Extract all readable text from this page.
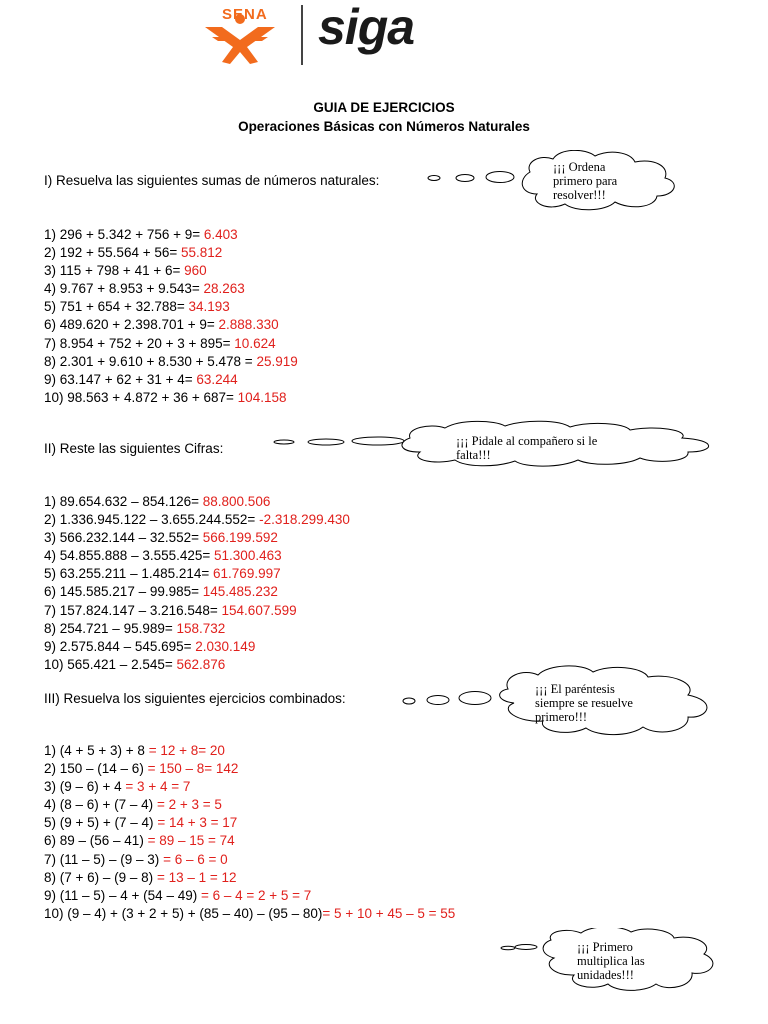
SENA siga
GUIA DE EJERCICIOS
Operaciones Básicas con Números Naturales
I) Resuelva las siguientes sumas de números naturales:
¡¡¡ Ordena
primero para
resolver!!!
1) 296 + 5.342 + 756 + 9= 6.403
2) 192 + 55.564 + 56= 55.812
3) 115 + 798 + 41 + 6= 960
4) 9.767 + 8.953 + 9.543= 28.263
5) 751 + 654 + 32.788= 34.193
6) 489.620 + 2.398.701 + 9= 2.888.330
7) 8.954 + 752 + 20 + 3 + 895= 10.624
8) 2.301 + 9.610 + 8.530 + 5.478 = 25.919
9) 63.147 + 62 + 31 + 4= 63.244
10) 98.563 + 4.872 + 36 + 687= 104.158
II) Reste las siguientes Cifras:	¡¡¡ Pidale al compañero si le
falta!!!
1) 89.654.632 – 854.126= 88.800.506
2) 1.336.945.122 – 3.655.244.552= -2.318.299.430
3) 566.232.144 – 32.552= 566.199.592
4) 54.855.888 – 3.555.425= 51.300.463
5) 63.255.211 – 1.485.214= 61.769.997
6) 145.585.217 – 99.985= 145.485.232
7) 157.824.147 – 3.216.548= 154.607.599
8) 254.721 – 95.989= 158.732
9) 2.575.844 – 545.695= 2.030.149
10) 565.421 – 2.545= 562.876
III) Resuelva los siguientes ejercicios combinados:
¡¡¡ El paréntesis
siempre se resuelve
primero!!!
1) (4 + 5 + 3) + 8 = 12 + 8= 20
2) 150 – (14 – 6) = 150 – 8= 142
3) (9 – 6) + 4 = 3 + 4 = 7
4) (8 – 6) + (7 – 4) = 2 + 3 = 5
5) (9 + 5) + (7 – 4) = 14 + 3 = 17
6) 89 – (56 – 41) = 89 – 15 = 74
7) (11 – 5) – (9 – 3) = 6 – 6 = 0
8) (7 + 6) – (9 – 8) = 13 – 1 = 12
9) (11 – 5) – 4 + (54 – 49) = 6 – 4 = 2 + 5 = 7
10) (9 – 4) + (3 + 2 + 5) + (85 – 40) – (95 – 80)= 5 + 10 + 45 – 5 = 55
¡¡¡ Primero
multiplica las
unidades!!!
